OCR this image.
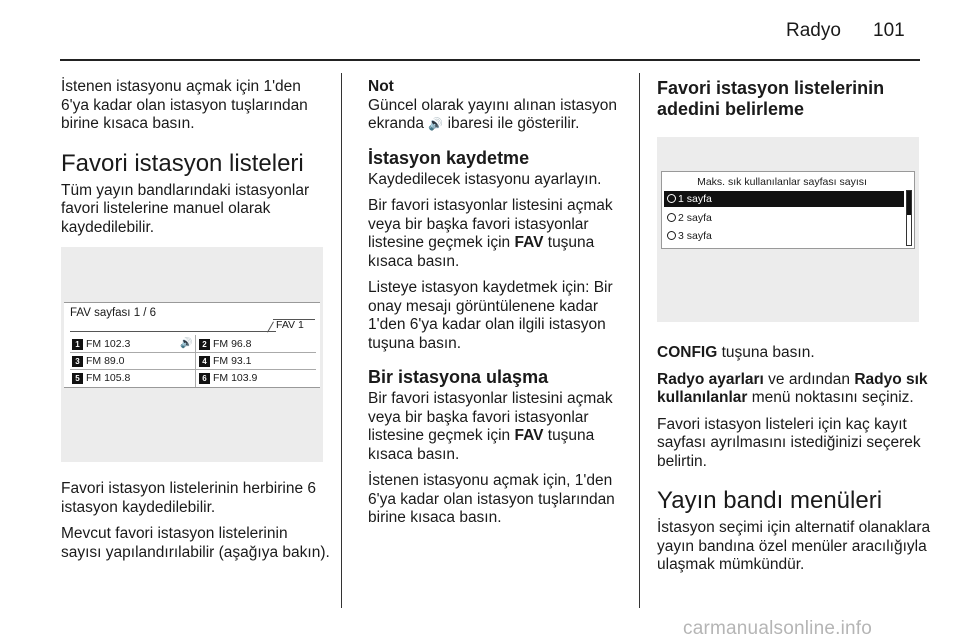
Radyo 101

İstenen istasyonu açmak için 1'den 6'ya kadar olan istasyon tuşlarından birine kısaca basın.

Favori istasyon listeleri

Tüm yayın bandlarındaki istasyonlar favori listelerine manuel olarak kaydedilebilir.

FAV sayfası 1 / 6
FAV 1
1 FM 102.3	🔊	2 FM 96.8
3 FM 89.0	4 FM 93.1
5 FM 105.8	6 FM 103.9

Favori istasyon listelerinin herbirine 6 istasyon kaydedilebilir.

Mevcut favori istasyon listelerinin sayısı yapılandırılabilir (aşağıya bakın).

Not

Güncel olarak yayını alınan istasyon ekranda 🔊 ibaresi ile gösterilir.

İstasyon kaydetme

Kaydedilecek istasyonu ayarlayın.

Bir favori istasyonlar listesini açmak veya bir başka favori istasyonlar listesine geçmek için FAV tuşuna kısaca basın.

Listeye istasyon kaydetmek için: Bir onay mesajı görüntülenene kadar 1'den 6'ya kadar olan ilgili istasyon tuşuna basın.

Bir istasyona ulaşma

Bir favori istasyonlar listesini açmak veya bir başka favori istasyonlar listesine geçmek için FAV tuşuna kısaca basın.

İstenen istasyonu açmak için, 1'den 6'ya kadar olan istasyon tuşlarından birine kısaca basın.

Favori istasyon listelerinin adedini belirleme
Maks. sık kullanılanlar sayfası sayısı
1 sayfa
2 sayfa
3 sayfa

CONFIG tuşuna basın.

Radyo ayarları ve ardından Radyo sık kullanılanlar menü noktasını seçiniz.

Favori istasyon listeleri için kaç kayıt sayfası ayrılmasını istediğinizi seçerek belirtin.

Yayın bandı menüleri

İstasyon seçimi için alternatif olanaklara yayın bandına özel menüler aracılığıyla ulaşmak mümkündür.

carmanualsonline.info
